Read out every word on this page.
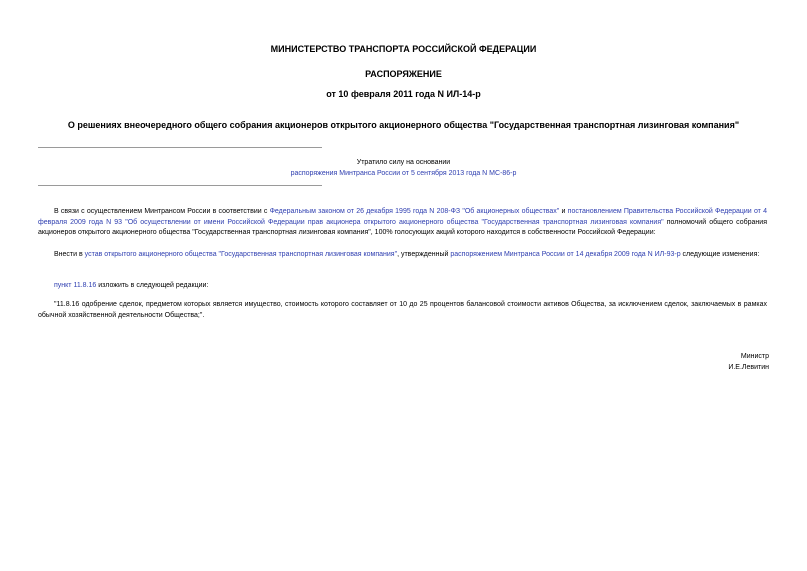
МИНИСТЕРСТВО ТРАНСПОРТА РОССИЙСКОЙ ФЕДЕРАЦИИ
РАСПОРЯЖЕНИЕ
от 10 февраля 2011 года N ИЛ-14-р
О решениях внеочередного общего собрания акционеров открытого акционерного общества "Государственная транспортная лизинговая компания"
Утратило силу на основании
распоряжения Минтранса России от 5 сентября 2013 года N МС-86-р
В связи с осуществлением Минтрансом России в соответствии с Федеральным законом от 26 декабря 1995 года N 208-ФЗ "Об акционерных обществах" и постановлением Правительства Российской Федерации от 4 февраля 2009 года N 93 "Об осуществлении от имени Российской Федерации прав акционера открытого акционерного общества "Государственная транспортная лизинговая компания" полномочий общего собрания акционеров открытого акционерного общества "Государственная транспортная лизинговая компания", 100% голосующих акций которого находится в собственности Российской Федерации:
Внести в устав открытого акционерного общества "Государственная транспортная лизинговая компания", утвержденный распоряжением Минтранса России от 14 декабря 2009 года N ИЛ-93-р следующие изменения:
пункт 11.8.16 изложить в следующей редакции:
"11.8.16 одобрение сделок, предметом которых является имущество, стоимость которого составляет от 10 до 25 процентов балансовой стоимости активов Общества, за исключением сделок, заключаемых в рамках обычной хозяйственной деятельности Общества;".
Министр
И.Е.Левитин
